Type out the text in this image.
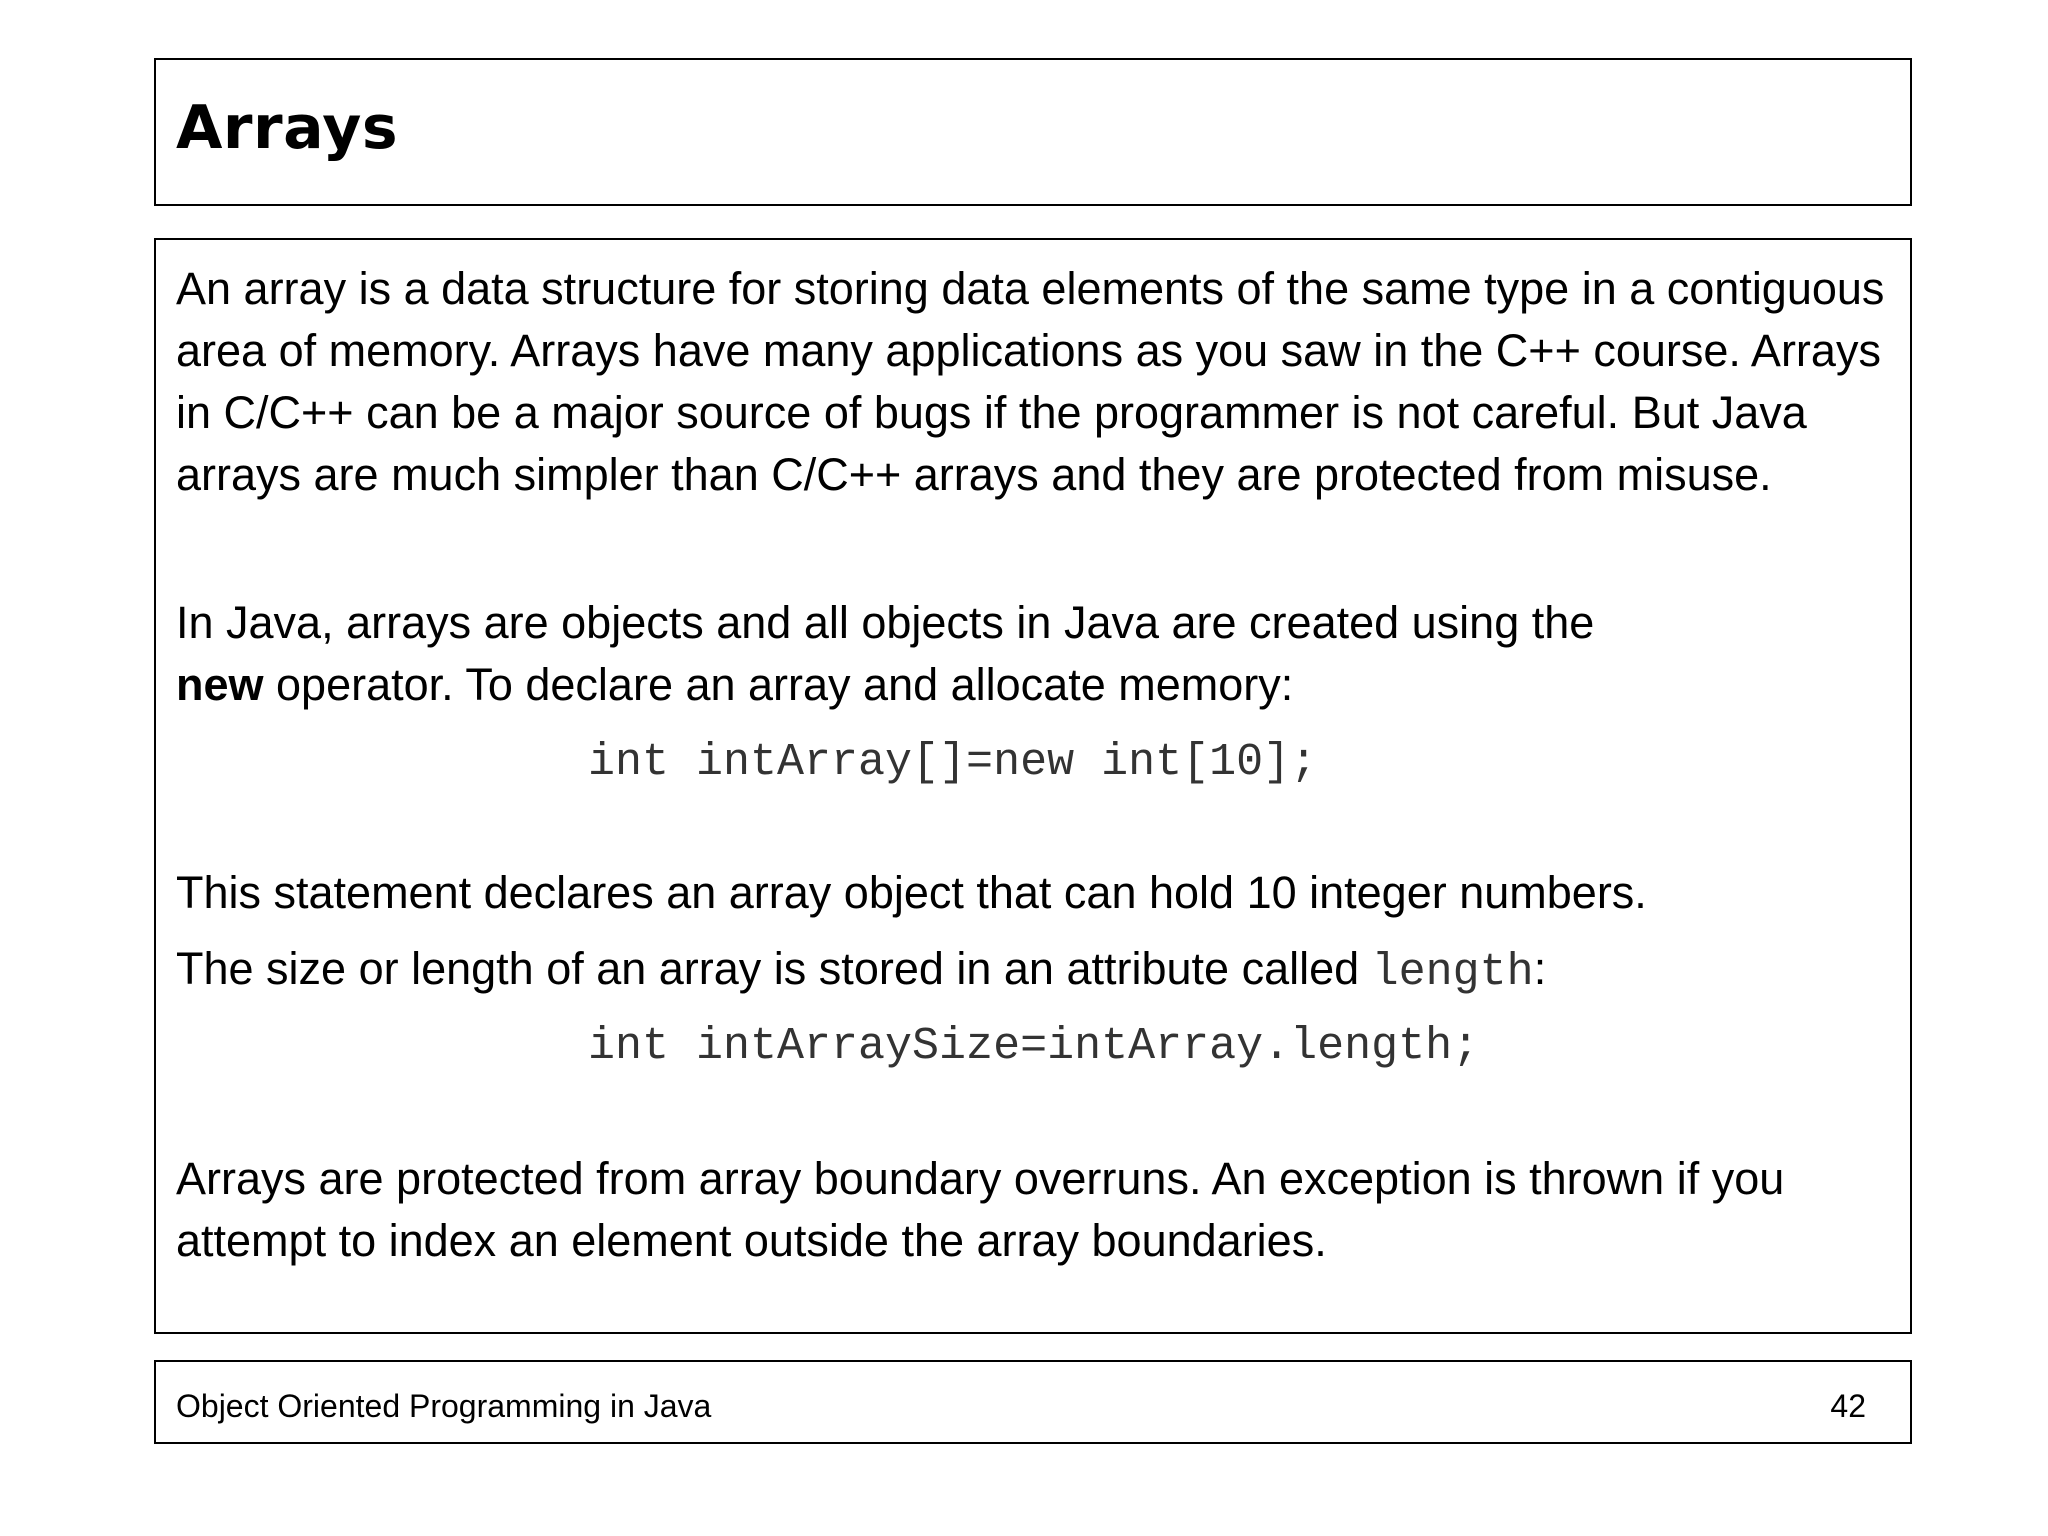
Arrays

An array is a data structure for storing data elements of the same type in a contiguous area of memory. Arrays have many applications as you saw in the C++ course. Arrays in C/C++ can be a major source of bugs if the programmer is not careful. But Java arrays are much simpler than C/C++ arrays and they are protected from misuse.

In Java, arrays are objects and all objects in Java are created using the
new operator. To declare an array and allocate memory:

int intArray[]=new int[10];

This statement declares an array object that can hold 10 integer numbers.

The size or length of an array is stored in an attribute called length:

int intArraySize=intArray.length;

Arrays are protected from array boundary overruns. An exception is thrown if you attempt to index an element outside the array boundaries.

Object Oriented Programming in Java	42
